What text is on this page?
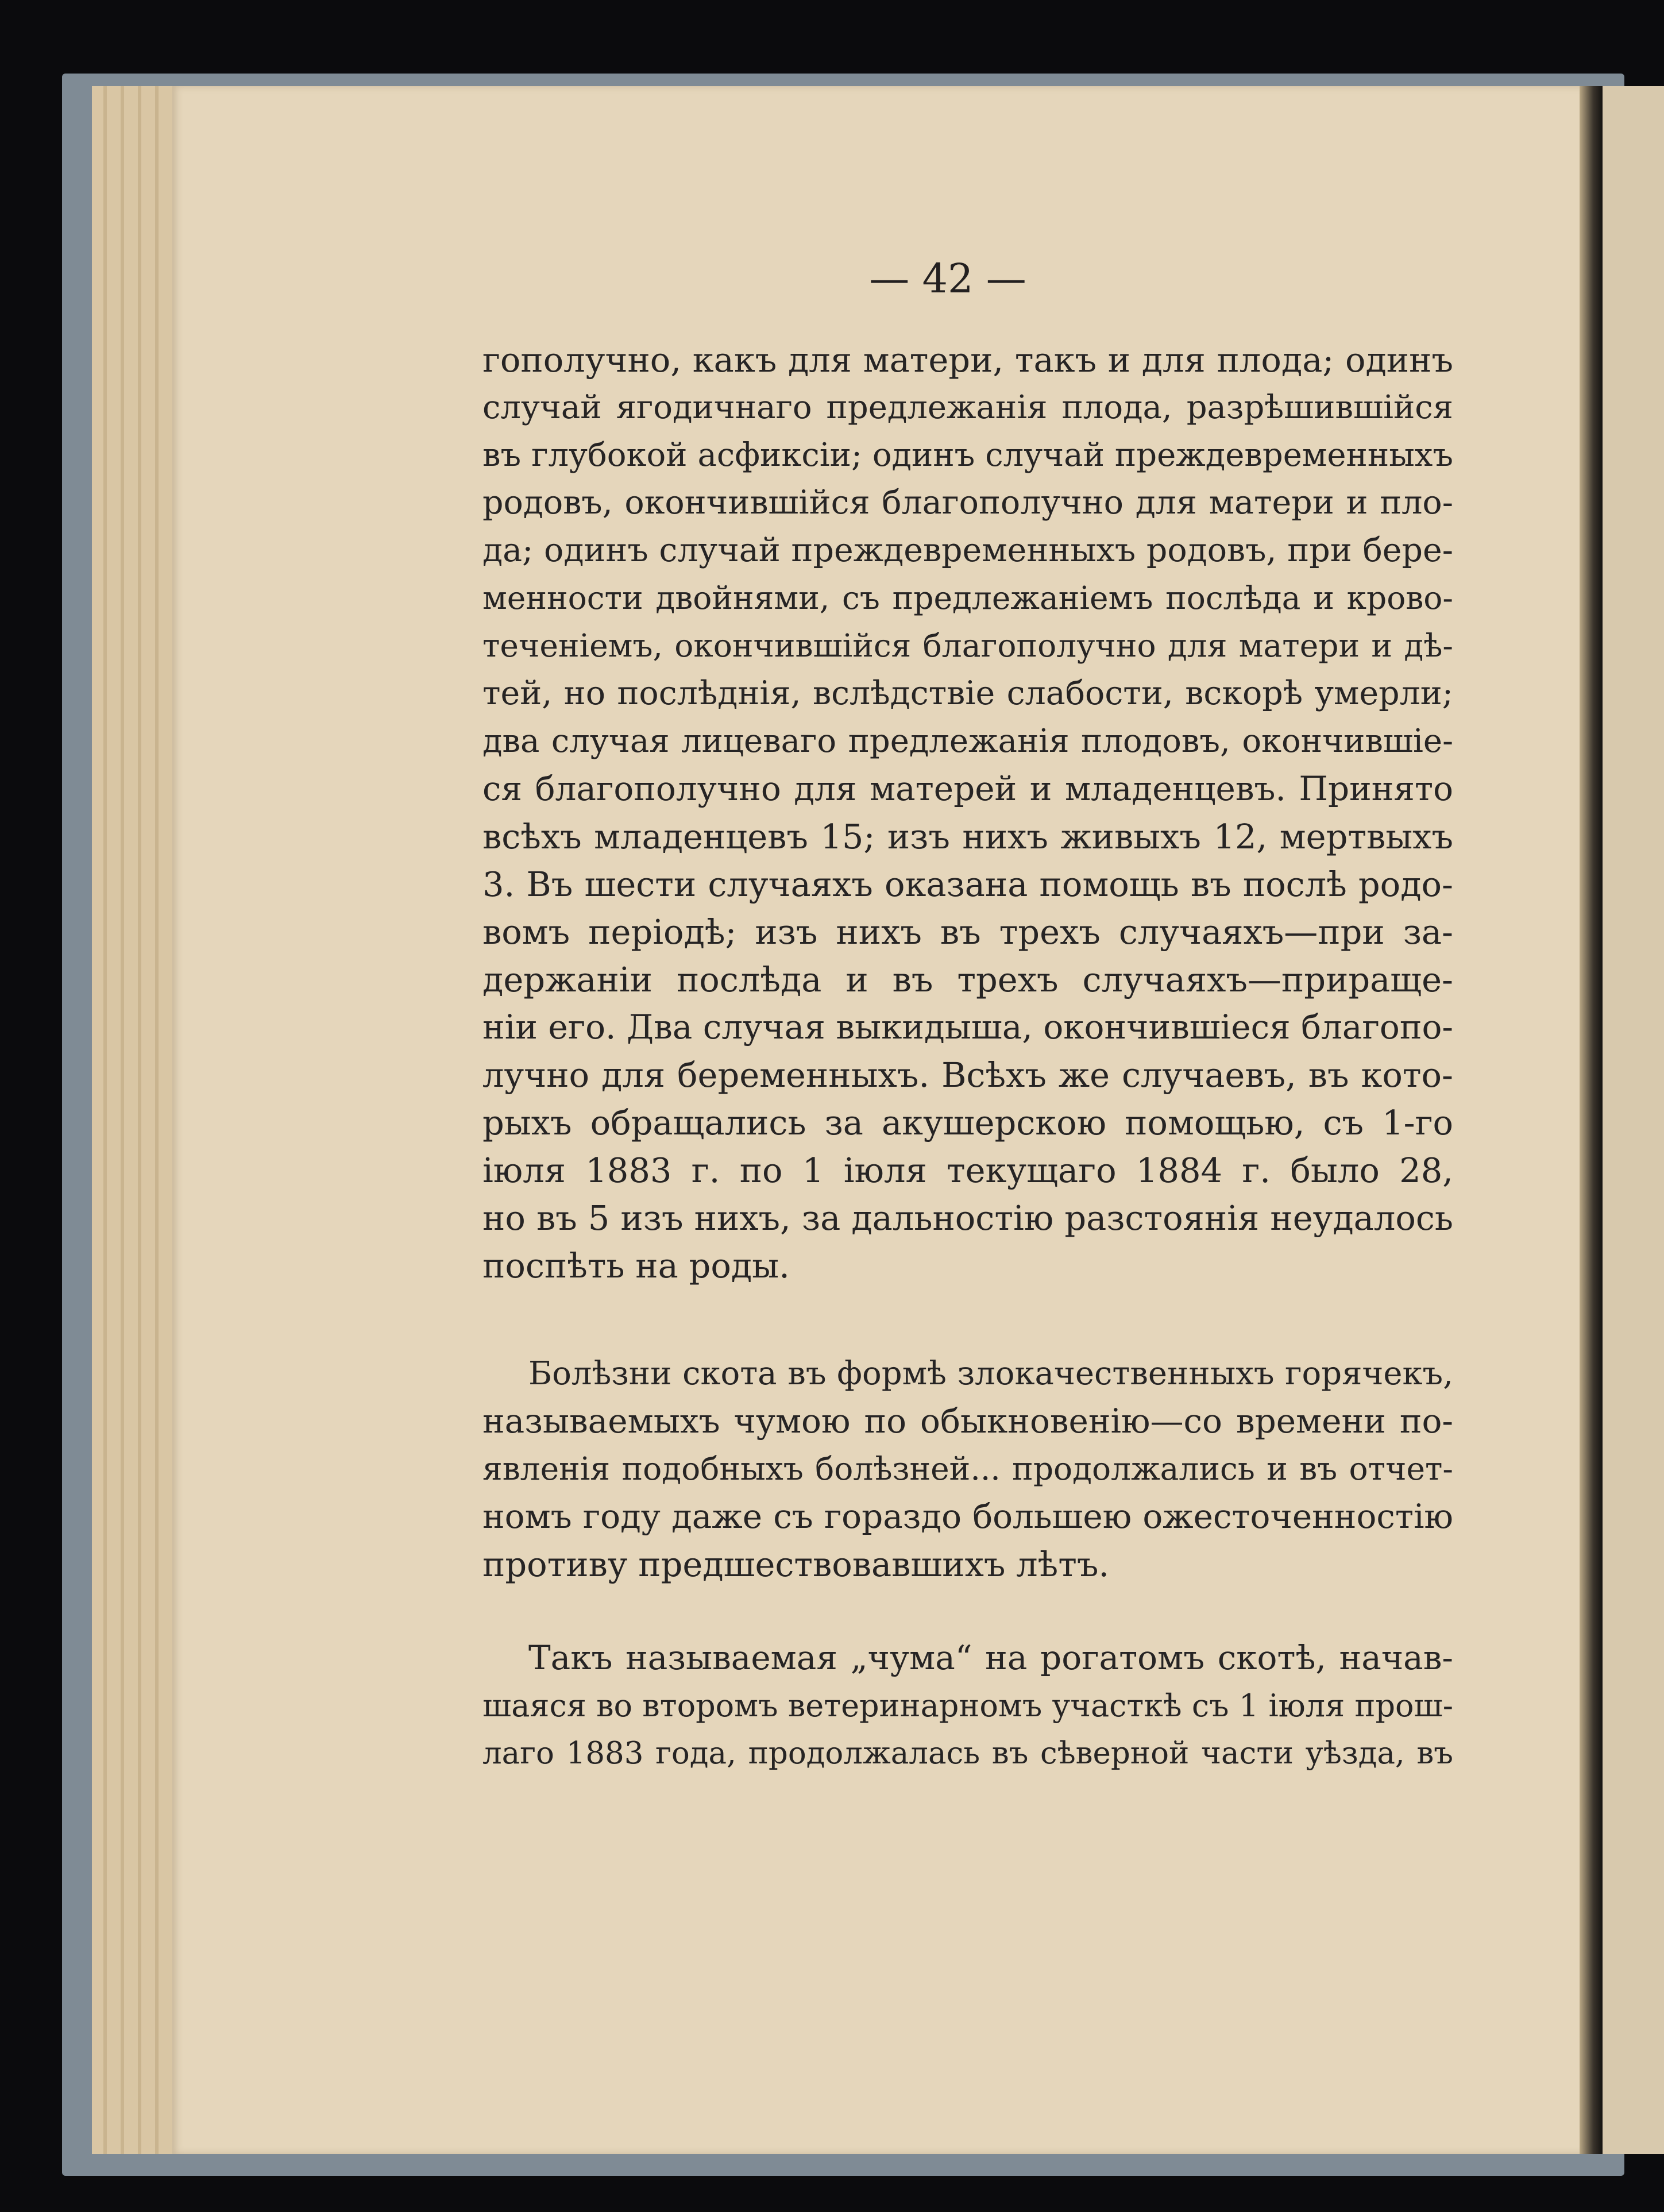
— 42 —
гополучно, какъ для матери, такъ и для плода; одинъ
случай ягодичнаго предлежанія плода, разрѣшившійся
въ глубокой асфиксіи; одинъ случай преждевременныхъ
родовъ, окончившійся благополучно для матери и пло-
да; одинъ случай преждевременныхъ родовъ, при бере-
менности двойнями, съ предлежаніемъ послѣда и крово-
теченіемъ, окончившійся благополучно для матери и дѣ-
тей, но послѣднія, вслѣдствіе слабости, вскорѣ умерли;
два случая лицеваго предлежанія плодовъ, окончившіе-
ся благополучно для матерей и младенцевъ. Принято
всѣхъ младенцевъ 15; изъ нихъ живыхъ 12, мертвыхъ
3. Въ шести случаяхъ оказана помощь въ послѣ родо-
вомъ періодѣ; изъ нихъ въ трехъ случаяхъ—при за-
держаніи послѣда и въ трехъ случаяхъ—приращe-
ніи его. Два случая выкидыша, окончившіеся благопо-
лучно для беременныхъ. Всѣхъ же случаевъ, въ кото-
рыхъ обращались за акушерскою помощью, съ 1-го
іюля 1883 г. по 1 іюля текущаго 1884 г. было 28,
но въ 5 изъ нихъ, за дальностію разстоянія неудалось
поспѣть на роды.
Болѣзни скота въ формѣ злокачественныхъ горячекъ,
называемыхъ чумою по обыкновенію—со времени по-
явленія подобныхъ болѣзней... продолжались и въ отчет-
номъ году даже съ гораздо большею ожесточенностію
противу предшествовавшихъ лѣтъ.
Такъ называемая „чума“ на рогатомъ скотѣ, начав-
шаяся во второмъ ветеринарномъ участкѣ съ 1 іюля прош-
лаго 1883 года, продолжалась въ сѣверной части уѣзда, въ
